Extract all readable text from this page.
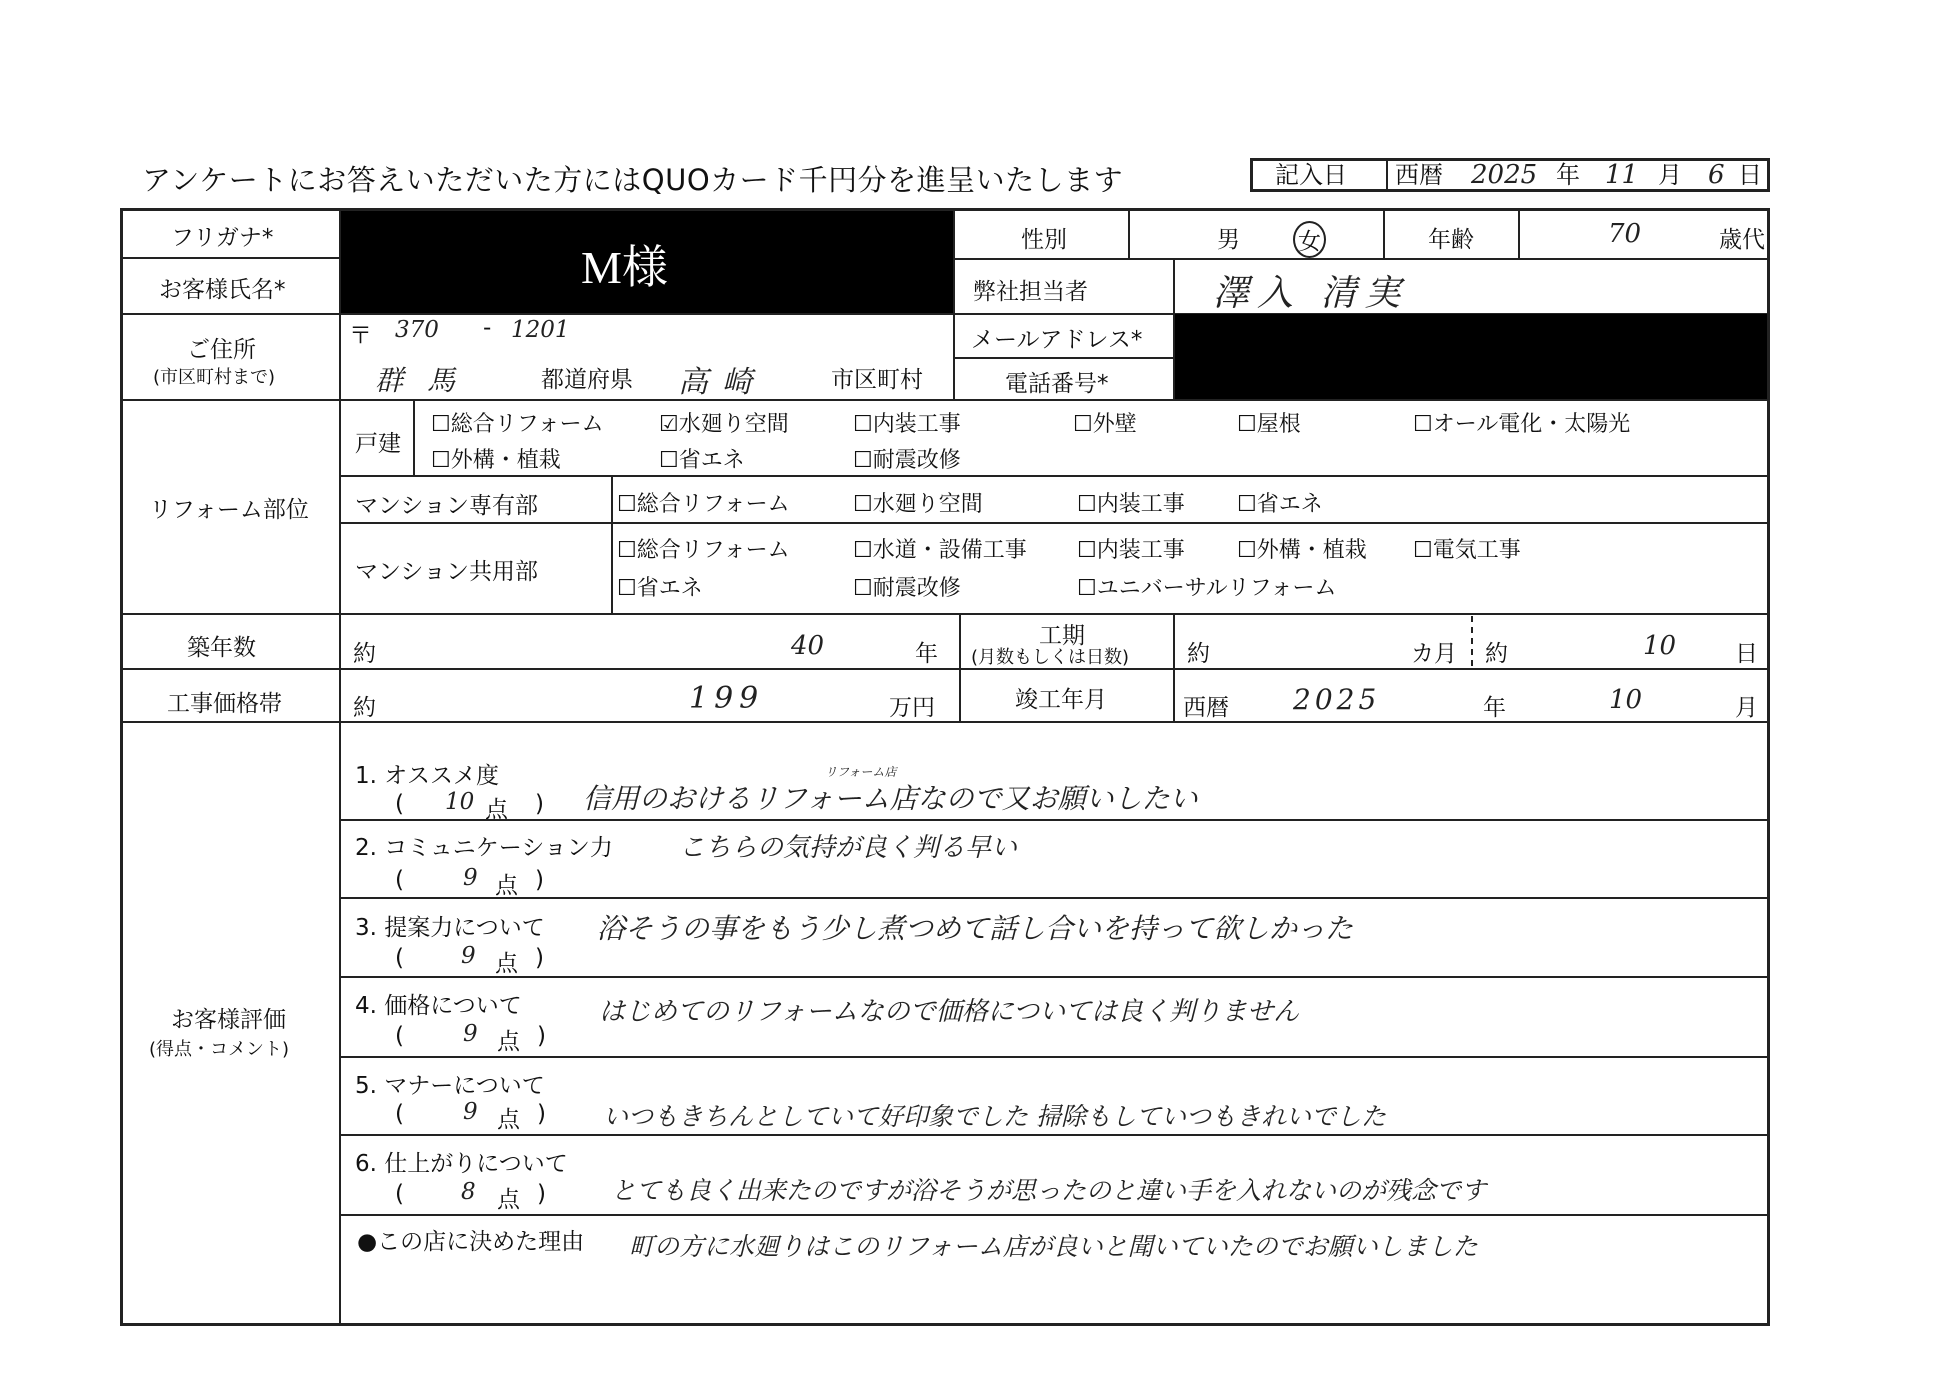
アンケートにお答えいただいた方にはQUOカード千円分を進呈いたします	記入日 西暦 2025 年 11 月 6 日
フリガナ*
お客様氏名*	M様
性別	男	女	年齢	70	歳代
弊社担当者	澤入 清実
ご住所
(市区町村まで)
〒 370 - 1201
群馬	都道府県 高崎	市区町村
メールアドレス*
電話番号*
リフォーム部位
戸建
☐総合リフォーム	☑水廻り空間	☐内装工事	☐外壁	☐屋根	☐オール電化・太陽光
☐外構・植栽	☐省エネ	☐耐震改修
マンション専有部	☐総合リフォーム	☐水廻り空間	☐内装工事 ☐省エネ
マンション共用部
☐総合リフォーム	☐水道・設備工事 ☐内装工事 ☐外構・植栽 ☐電気工事
☐省エネ	☐耐震改修	☐ユニバーサルリフォーム
築年数	約	40	年
工期
(月数もしくは日数)	約	カ月 約	10	日
工事価格帯	約	199	万円	竣工年月	西暦 2025	年	10	月
お客様評価
(得点・コメント)
1. オススメ度
( 10 点 )
リフォーム店
信用のおけるリフォーム店なので又お願いしたい
2. コミュニケーション力	こちらの気持が良く判る早い
(	9 点 )
3. 提案力について 浴そうの事をもう少し煮つめて話し合いを持って欲しかった
( 9 点 )
4. 価格について	はじめてのリフォームなので価格については良く判りません
(	9 点 )
5. マナーについて
(	9 点 ) いつもきちんとしていて好印象でした 掃除もしていつもきれいでした
6. 仕上がりについて
( 8 点 )	とても良く出来たのですが浴そうが思ったのと違い手を入れないのが残念です
●この店に決めた理由 町の方に水廻りはこのリフォーム店が良いと聞いていたのでお願いしました
